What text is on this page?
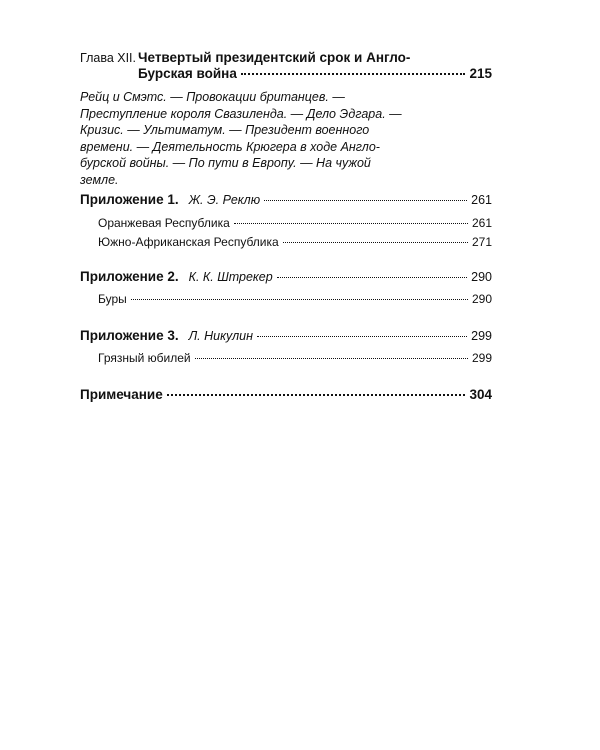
Глава XII. Четвертый президентский срок и Англо-
Бурская война	215
Рейц и Смэтс. — Провокации британцев. — Преступление короля Свазиленда. — Дело Эдгара. — Кризис. — Ультиматум. — Президент военного времени. — Деятельность Крюгера в ходе Англо-бурской войны. — По пути в Европу. — На чужой земле.
Приложение 1. Ж. Э. Реклю	261
Оранжевая Республика	261
Южно-Африканская Республика	271
Приложение 2. К. К. Штрекер	290
Буры	290
Приложение 3. Л. Никулин	299
Грязный юбилей	299
Примечание	304
